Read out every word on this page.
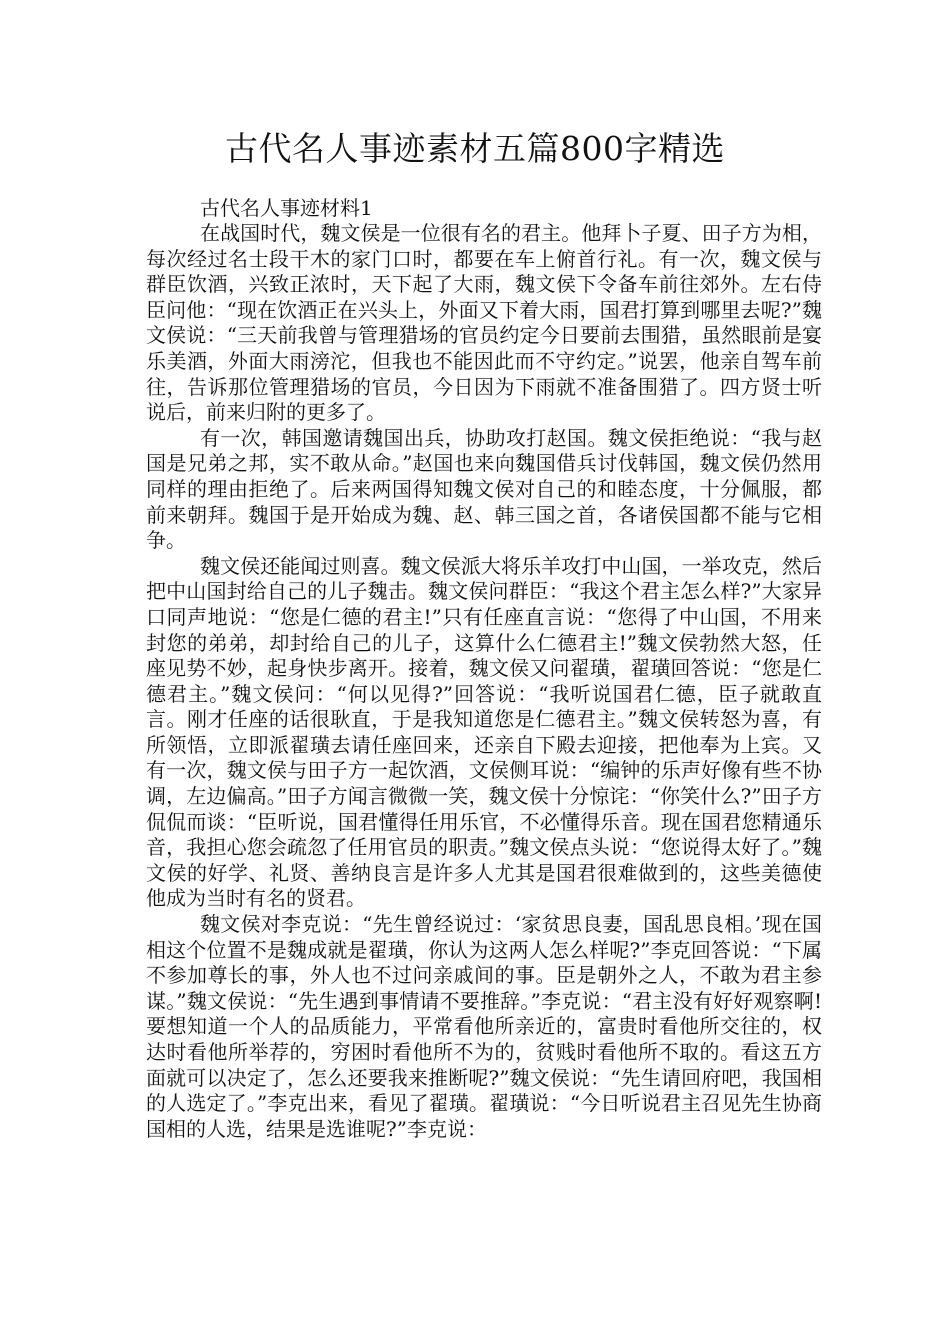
古代名人事迹素材五篇800字精选

古代名人事迹材料1

在战国时代，魏文侯是一位很有名的君主。他拜卜子夏、田子方为相，每次经过名士段干木的家门口时，都要在车上俯首行礼。有一次，魏文侯与群臣饮酒，兴致正浓时，天下起了大雨，魏文侯下令备车前往郊外。左右侍臣问他：“现在饮酒正在兴头上，外面又下着大雨，国君打算到哪里去呢?”魏文侯说：“三天前我曾与管理猎场的官员约定今日要前去围猎，虽然眼前是宴乐美酒，外面大雨滂沱，但我也不能因此而不守约定。”说罢，他亲自驾车前往，告诉那位管理猎场的官员，今日因为下雨就不准备围猎了。四方贤士听说后，前来归附的更多了。

有一次，韩国邀请魏国出兵，协助攻打赵国。魏文侯拒绝说：“我与赵国是兄弟之邦，实不敢从命。”赵国也来向魏国借兵讨伐韩国，魏文侯仍然用同样的理由拒绝了。后来两国得知魏文侯对自己的和睦态度，十分佩服，都前来朝拜。魏国于是开始成为魏、赵、韩三国之首，各诸侯国都不能与它相争。

魏文侯还能闻过则喜。魏文侯派大将乐羊攻打中山国，一举攻克，然后把中山国封给自己的儿子魏击。魏文侯问群臣：“我这个君主怎么样?”大家异口同声地说：“您是仁德的君主!”只有任座直言说：“您得了中山国，不用来封您的弟弟，却封给自己的儿子，这算什么仁德君主!”魏文侯勃然大怒，任座见势不妙，起身快步离开。接着，魏文侯又问翟璜，翟璜回答说：“您是仁德君主。”魏文侯问：“何以见得?”回答说：“我听说国君仁德，臣子就敢直言。刚才任座的话很耿直，于是我知道您是仁德君主。”魏文侯转怒为喜，有所领悟，立即派翟璜去请任座回来，还亲自下殿去迎接，把他奉为上宾。又有一次，魏文侯与田子方一起饮酒，文侯侧耳说：“编钟的乐声好像有些不协调，左边偏高。”田子方闻言微微一笑，魏文侯十分惊诧：“你笑什么?”田子方侃侃而谈：“臣听说，国君懂得任用乐官，不必懂得乐音。现在国君您精通乐音，我担心您会疏忽了任用官员的职责。”魏文侯点头说：“您说得太好了。”魏文侯的好学、礼贤、善纳良言是许多人尤其是国君很难做到的，这些美德使他成为当时有名的贤君。

魏文侯对李克说：“先生曾经说过：‘家贫思良妻，国乱思良相。’现在国相这个位置不是魏成就是翟璜，你认为这两人怎么样呢?”李克回答说：“下属不参加尊长的事，外人也不过问亲戚间的事。臣是朝外之人，不敢为君主参谋。”魏文侯说：“先生遇到事情请不要推辞。”李克说：“君主没有好好观察啊!要想知道一个人的品质能力，平常看他所亲近的，富贵时看他所交往的，权达时看他所举荐的，穷困时看他所不为的，贫贱时看他所不取的。看这五方面就可以决定了，怎么还要我来推断呢?”魏文侯说：“先生请回府吧，我国相的人选定了。”李克出来，看见了翟璜。翟璜说：“今日听说君主召见先生协商国相的人选，结果是选谁呢?”李克说：
